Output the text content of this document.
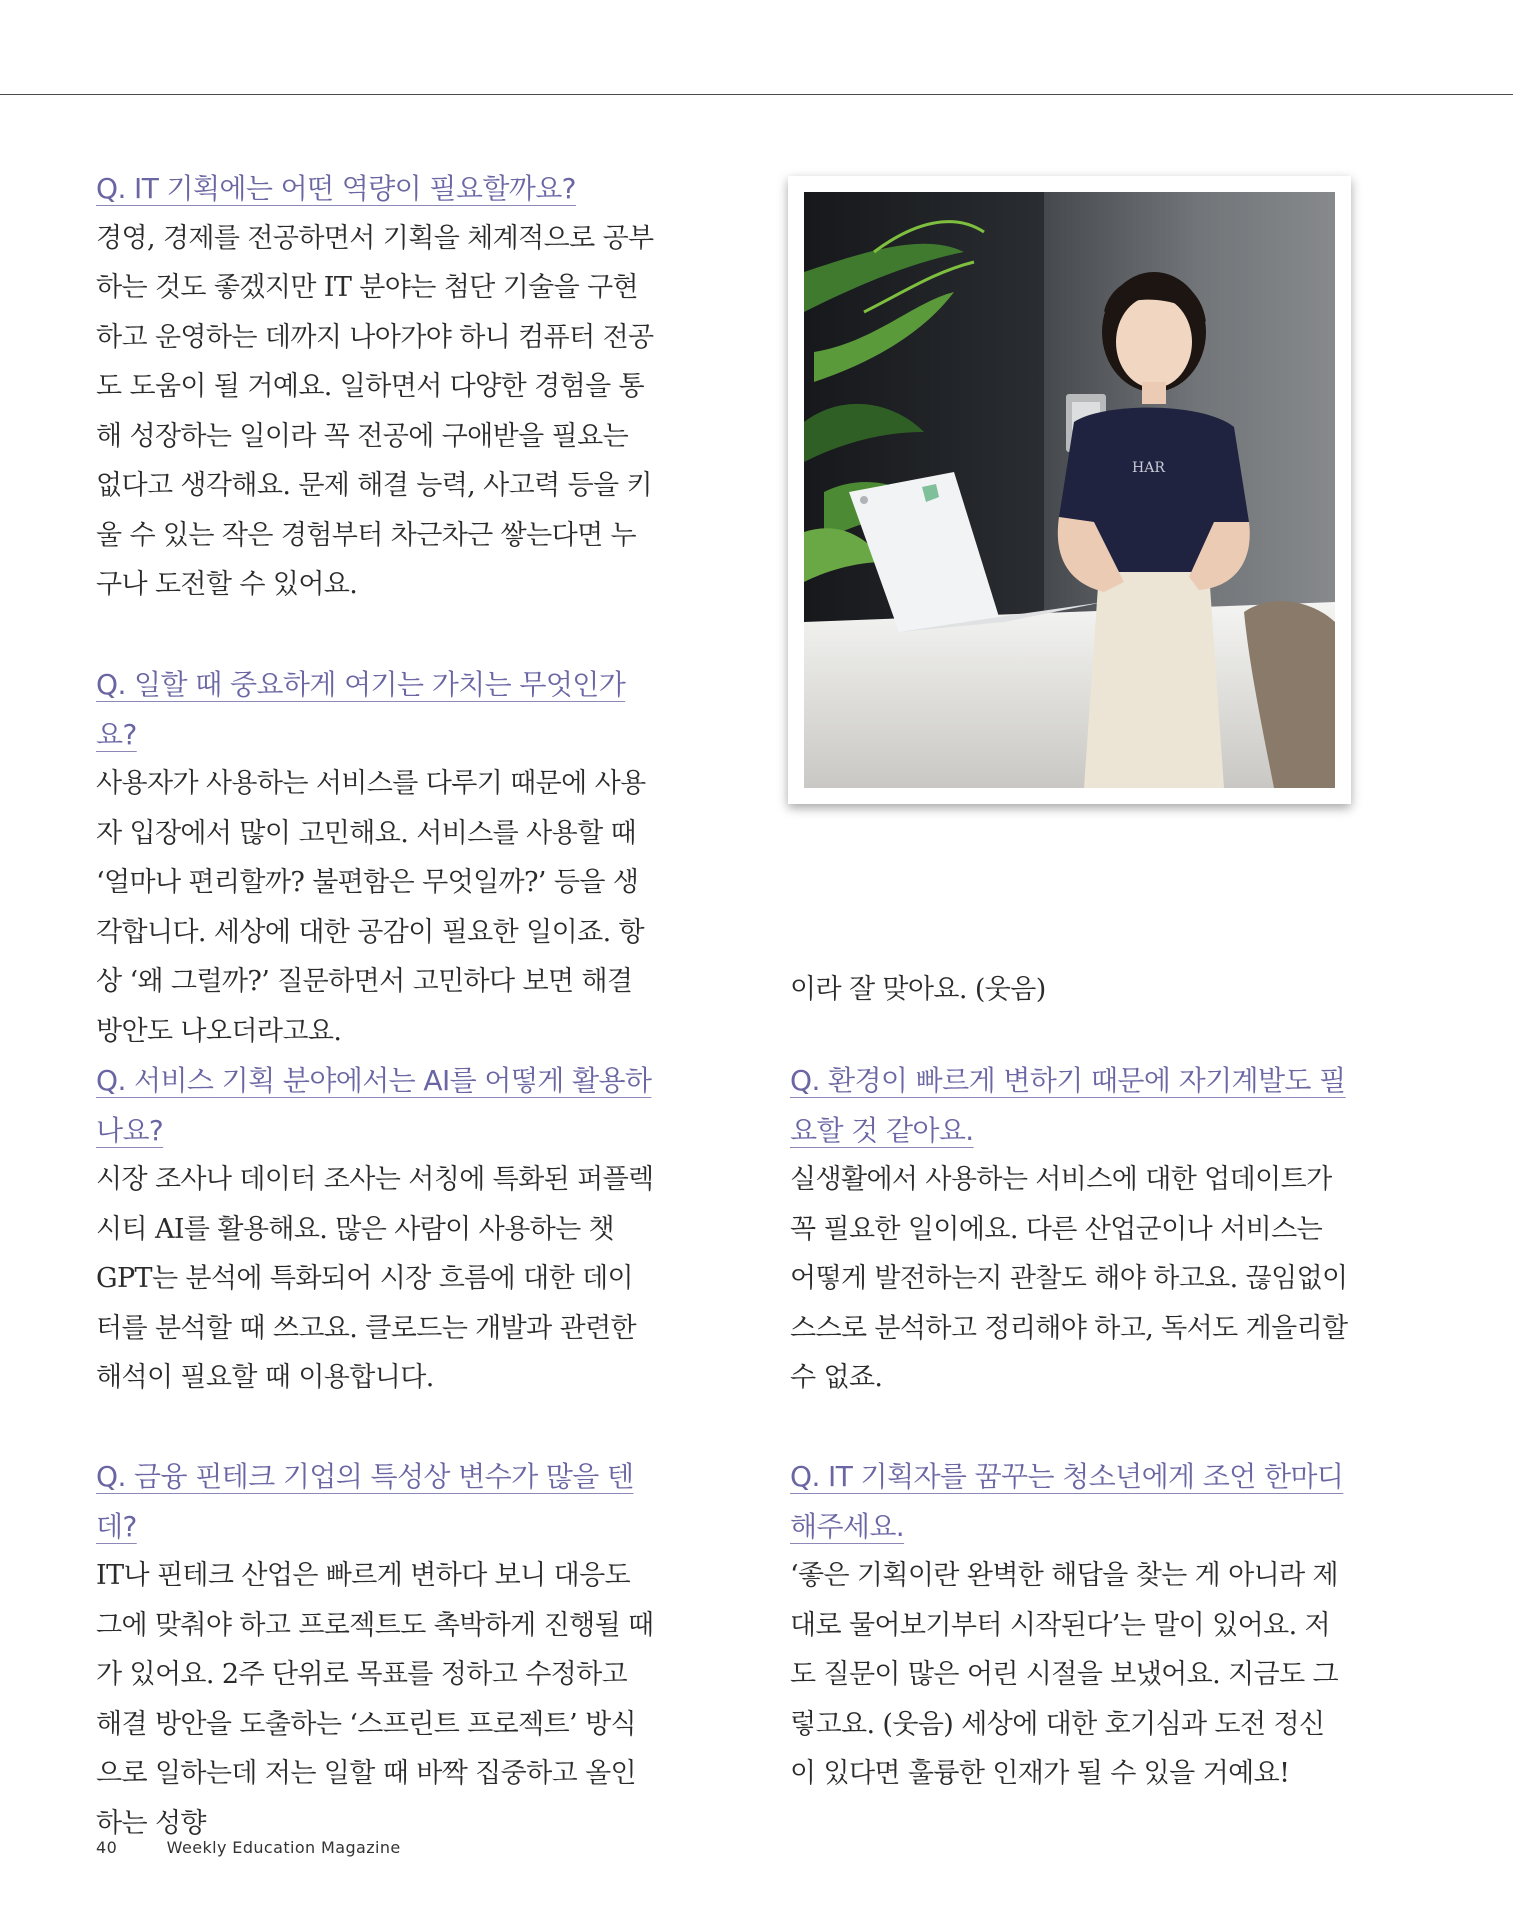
Q. IT 기획에는 어떤 역량이 필요할까요?

경영, 경제를 전공하면서 기획을 체계적으로 공부하는 것도 좋겠지만 IT 분야는 첨단 기술을 구현하고 운영하는 데까지 나아가야 하니 컴퓨터 전공도 도움이 될 거예요. 일하면서 다양한 경험을 통해 성장하는 일이라 꼭 전공에 구애받을 필요는 없다고 생각해요. 문제 해결 능력, 사고력 등을 키울 수 있는 작은 경험부터 차근차근 쌓는다면 누구나 도전할 수 있어요.

Q. 일할 때 중요하게 여기는 가치는 무엇인가요?

사용자가 사용하는 서비스를 다루기 때문에 사용자 입장에서 많이 고민해요. 서비스를 사용할 때 ‘얼마나 편리할까? 불편함은 무엇일까?’ 등을 생각합니다. 세상에 대한 공감이 필요한 일이죠. 항상 ‘왜 그럴까?’ 질문하면서 고민하다 보면 해결 방안도 나오더라고요.

Q. 서비스 기획 분야에서는 AI를 어떻게 활용하나요?

시장 조사나 데이터 조사는 서칭에 특화된 퍼플렉시티 AI를 활용해요. 많은 사람이 사용하는 챗GPT는 분석에 특화되어 시장 흐름에 대한 데이터를 분석할 때 쓰고요. 클로드는 개발과 관련한 해석이 필요할 때 이용합니다.

Q. 금융 핀테크 기업의 특성상 변수가 많을 텐데?

IT나 핀테크 산업은 빠르게 변하다 보니 대응도 그에 맞춰야 하고 프로젝트도 촉박하게 진행될 때가 있어요. 2주 단위로 목표를 정하고 수정하고 해결 방안을 도출하는 ‘스프린트 프로젝트’ 방식으로 일하는데 저는 일할 때 바짝 집중하고 올인하는 성향

HAR

이라 잘 맞아요. (웃음)

Q. 환경이 빠르게 변하기 때문에 자기계발도 필요할 것 같아요.

실생활에서 사용하는 서비스에 대한 업데이트가 꼭 필요한 일이에요. 다른 산업군이나 서비스는 어떻게 발전하는지 관찰도 해야 하고요. 끊임없이 스스로 분석하고 정리해야 하고, 독서도 게을리할 수 없죠.

Q. IT 기획자를 꿈꾸는 청소년에게 조언 한마디 해주세요.

‘좋은 기획이란 완벽한 해답을 찾는 게 아니라 제대로 물어보기부터 시작된다’는 말이 있어요. 저도 질문이 많은 어린 시절을 보냈어요. 지금도 그렇고요. (웃음) 세상에 대한 호기심과 도전 정신이 있다면 훌륭한 인재가 될 수 있을 거예요!

40	Weekly Education Magazine
